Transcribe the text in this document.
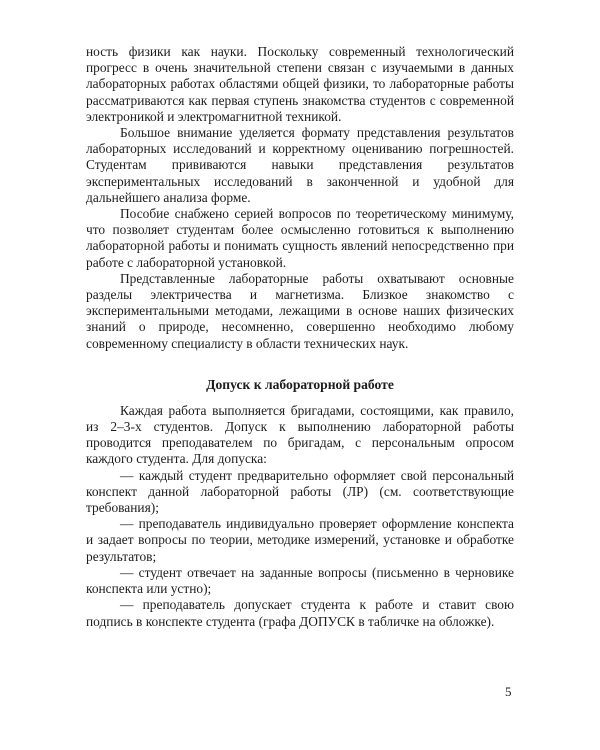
ность физики как науки. Поскольку современный технологический прогресс в очень значительной степени связан с изучаемыми в данных лабораторных работах областями общей физики, то лабораторные работы рассматриваются как первая ступень знакомства студентов с современной электроникой и электромагнитной техникой.

Большое внимание уделяется формату представления результатов лабораторных исследований и корректному оцениванию погрешностей. Студентам прививаются навыки представления результатов экспериментальных исследований в законченной и удобной для дальнейшего анализа форме.

Пособие снабжено серией вопросов по теоретическому минимуму, что позволяет студентам более осмысленно готовиться к выполнению лабораторной работы и понимать сущность явлений непосредственно при работе с лабораторной установкой.

Представленные лабораторные работы охватывают основные разделы электричества и магнетизма. Близкое знакомство с экспериментальными методами, лежащими в основе наших физических знаний о природе, несомненно, совершенно необходимо любому современному специалисту в области технических наук.

Допуск к лабораторной работе

Каждая работа выполняется бригадами, состоящими, как правило, из 2–3-х студентов. Допуск к выполнению лабораторной работы проводится преподавателем по бригадам, с персональным опросом каждого студента. Для допуска:

— каждый студент предварительно оформляет свой персональный конспект данной лабораторной работы (ЛР) (см. соответствующие требования);

— преподаватель индивидуально проверяет оформление конспекта и задает вопросы по теории, методике измерений, установке и обработке результатов;

— студент отвечает на заданные вопросы (письменно в черновике конспекта или устно);

— преподаватель допускает студента к работе и ставит свою подпись в конспекте студента (графа ДОПУСК в табличке на обложке).

5
